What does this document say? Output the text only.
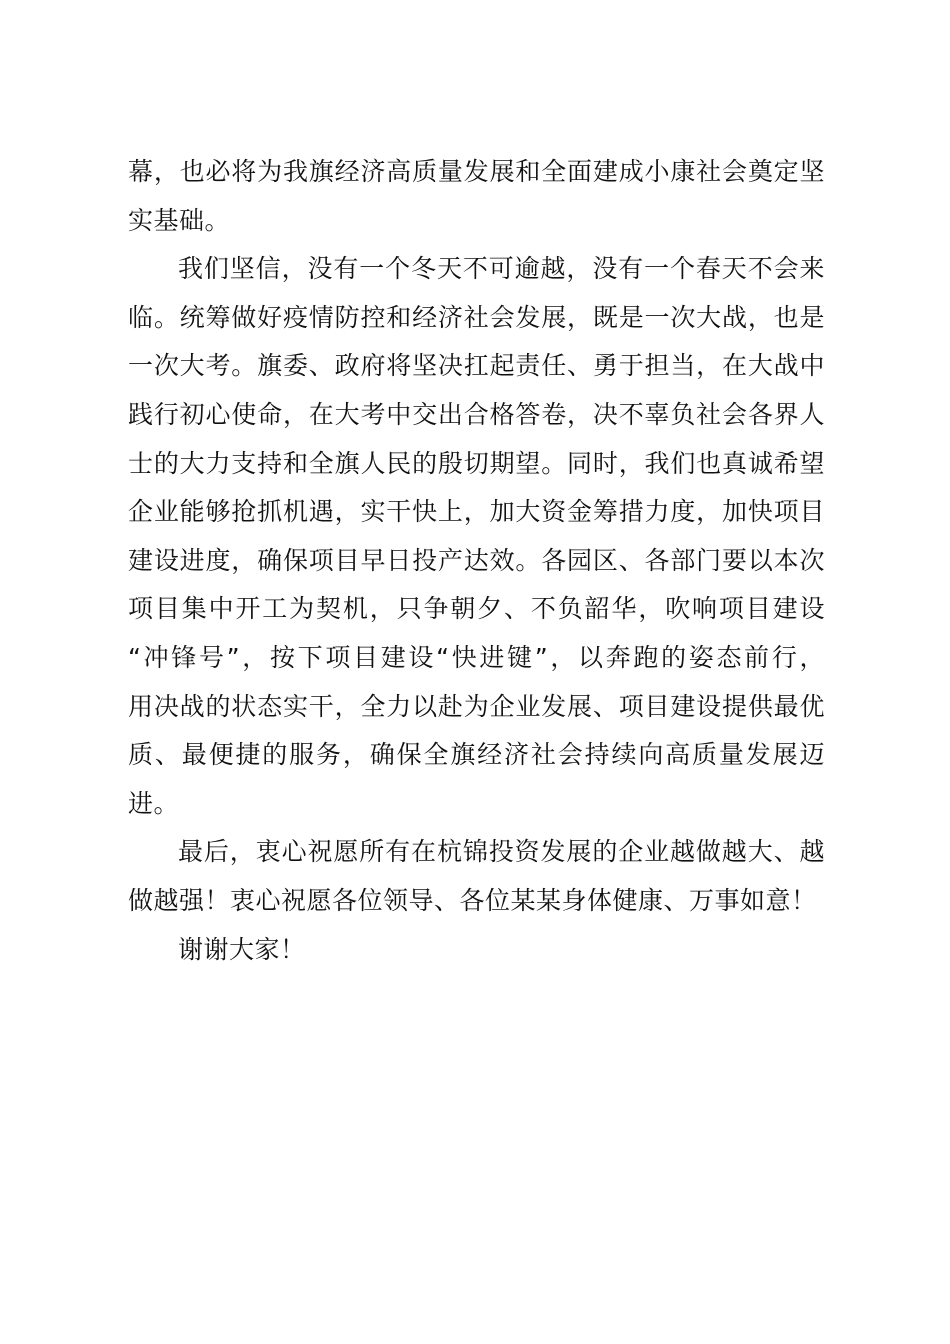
幕，也必将为我旗经济高质量发展和全面建成小康社会奠定坚
实基础。
我们坚信，没有一个冬天不可逾越，没有一个春天不会来
临。统筹做好疫情防控和经济社会发展，既是一次大战，也是
一次大考。旗委、政府将坚决扛起责任、勇于担当，在大战中
践行初心使命，在大考中交出合格答卷，决不辜负社会各界人
士的大力支持和全旗人民的殷切期望。同时，我们也真诚希望
企业能够抢抓机遇，实干快上，加大资金筹措力度，加快项目
建设进度，确保项目早日投产达效。各园区、各部门要以本次
项目集中开工为契机，只争朝夕、不负韶华，吹响项目建设
“冲锋号”，按下项目建设“快进键”，以奔跑的姿态前行，
用决战的状态实干，全力以赴为企业发展、项目建设提供最优
质、最便捷的服务，确保全旗经济社会持续向高质量发展迈
进。
最后，衷心祝愿所有在杭锦投资发展的企业越做越大、越
做越强！衷心祝愿各位领导、各位某某身体健康、万事如意！
谢谢大家！
